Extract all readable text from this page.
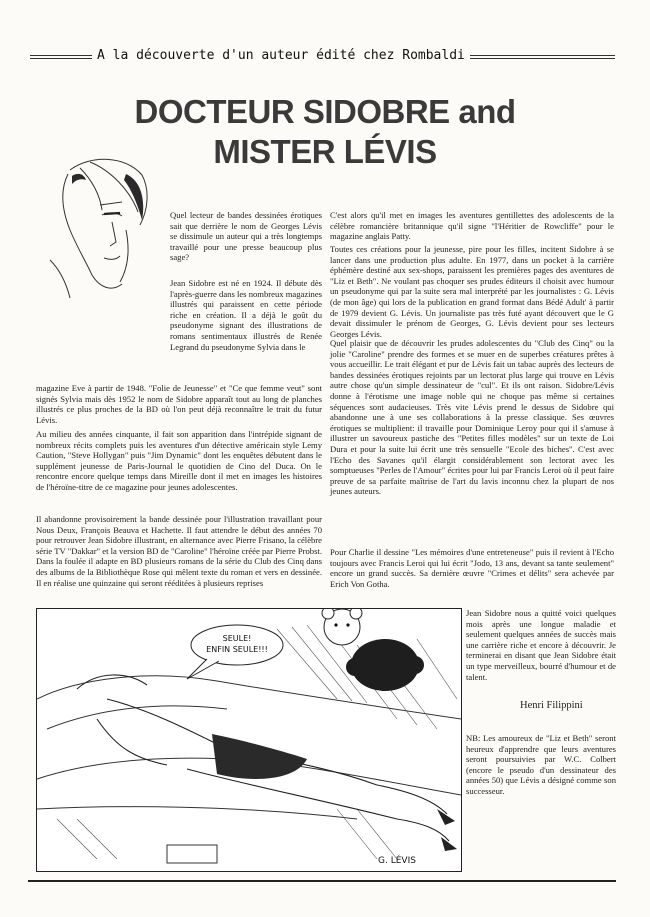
A la découverte d'un auteur édité chez Rombaldi
DOCTEUR SIDOBRE and
MISTER LÉVIS
Quel lecteur de bandes dessinées érotiques sait que derrière le nom de Georges Lévis se dissimule un auteur qui a très longtemps travaillé pour une presse beaucoup plus sage?
Jean Sidobre est né en 1924. Il débute dès l'après-guerre dans les nombreux magazines illustrés qui paraissent en cette période riche en création. Il a déjà le goût du pseudonyme signant des illustrations de romans sentimentaux illustrés de Renée Legrand du pseudonyme Sylvia dans le
magazine Eve à partir de 1948. "Folie de Jeunesse" et "Ce que femme veut" sont signés Sylvia mais dès 1952 le nom de Sidobre apparaît tout au long de planches illustrés ce plus proches de la BD où l'on peut déjà reconnaître le trait du futur Lévis.
Au milieu des années cinquante, il fait son apparition dans l'intrépide signant de nombreux récits complets puis les aventures d'un détective américain style Lemy Caution, "Steve Hollygan" puis "Jim Dynamic" dont les enquêtes débutent dans le supplément jeunesse de Paris-Journal le quotidien de Cino del Duca. On le rencontre encore quelque temps dans Mireille dont il met en images les histoires de l'héroïne-titre de ce magazine pour jeunes adolescentes.
Il abandonne provisoirement la bande dessinée pour l'illustration travaillant pour Nous Deux, François Beauva et Hachette. Il faut attendre le début des années 70 pour retrouver Jean Sidobre illustrant, en alternance avec Pierre Frisano, la célèbre série TV "Dakkar" et la version BD de "Caroline" l'héroïne créée par Pierre Probst. Dans la foulée il adapte en BD plusieurs romans de la série du Club des Cinq dans des albums de la Bibliothèque Rose qui mêlent texte du roman et vers en dessinée. Il en réalise une quinzaine qui seront rééditées à plusieurs reprises
C'est alors qu'il met en images les aventures gentillettes des adolescents de la célèbre romancière britannique qu'il signe "l'Héritier de Rowcliffe" pour le magazine anglais Patty.
Toutes ces créations pour la jeunesse, pire pour les filles, incitent Sidobre à se lancer dans une production plus adulte. En 1977, dans un pocket à la carrière éphémère destiné aux sex-shops, paraissent les premières pages des aventures de "Liz et Beth". Ne voulant pas choquer ses prudes éditeurs il choisit avec humour un pseudonyme qui par la suite sera mal interprété par les journalistes : G. Lévis (de mon âge) qui lors de la publication en grand format dans Bédé Adult' à partir de 1979 devient G. Lévis. Un journaliste pas très futé ayant découvert que le G devait dissimuler le prénom de Georges, G. Lévis devient pour ses lecteurs Georges Lévis.
Quel plaisir que de découvrir les prudes adolescentes du "Club des Cinq" ou la jolie "Caroline" prendre des formes et se muer en de superbes créatures prêtes à vous accueillir. Le trait élégant et pur de Lévis fait un tabac auprès des lecteurs de bandes dessinées érotiques rejoints par un lectorat plus large qui trouve en Lévis autre chose qu'un simple dessinateur de "cul". Et ils ont raison. Sidobre/Lévis donne à l'érotisme une image noble qui ne choque pas même si certaines séquences sont audacieuses. Très vite Lévis prend le dessus de Sidobre qui abandonne une à une ses collaborations à la presse classique. Ses œuvres érotiques se multiplient: il travaille pour Dominique Leroy pour qui il s'amuse à illustrer un savoureux pastiche des "Petites filles modèles" sur un texte de Loi Dura et pour la suite lui écrit une très sensuelle "Ecole des biches". C'est avec l'Echo des Savanes qu'il élargit considérablement son lectorat avec les somptueuses "Perles de l'Amour" écrites pour lui par Francis Leroi où il peut faire preuve de sa parfaite maîtrise de l'art du lavis inconnu chez la plupart de nos jeunes auteurs.
Pour Charlie il dessine "Les mémoires d'une entreteneuse" puis il revient à l'Echo toujours avec Francis Leroi qui lui écrit "Jodo, 13 ans, devant sa tante seulement" encore un grand succès. Sa dernière œuvre "Crimes et délits" sera achevée par Erich Von Gotha.
Jean Sidobre nous a quitté voici quelques mois après une longue maladie et seulement quelques années de succès mais une carrière riche et encore à découvrir. Je terminerai en disant que Jean Sidobre était un type merveilleux, bourré d'humour et de talent.
Henri Filippini
NB: Les amoureux de "Liz et Beth" seront heureux d'apprendre que leurs aventures seront poursuivies par W.C. Colbert (encore le pseudo d'un dessinateur des années 50) que Lévis a désigné comme son successeur.
SEULE!
ENFIN SEULE!!!
G. LÉVIS
